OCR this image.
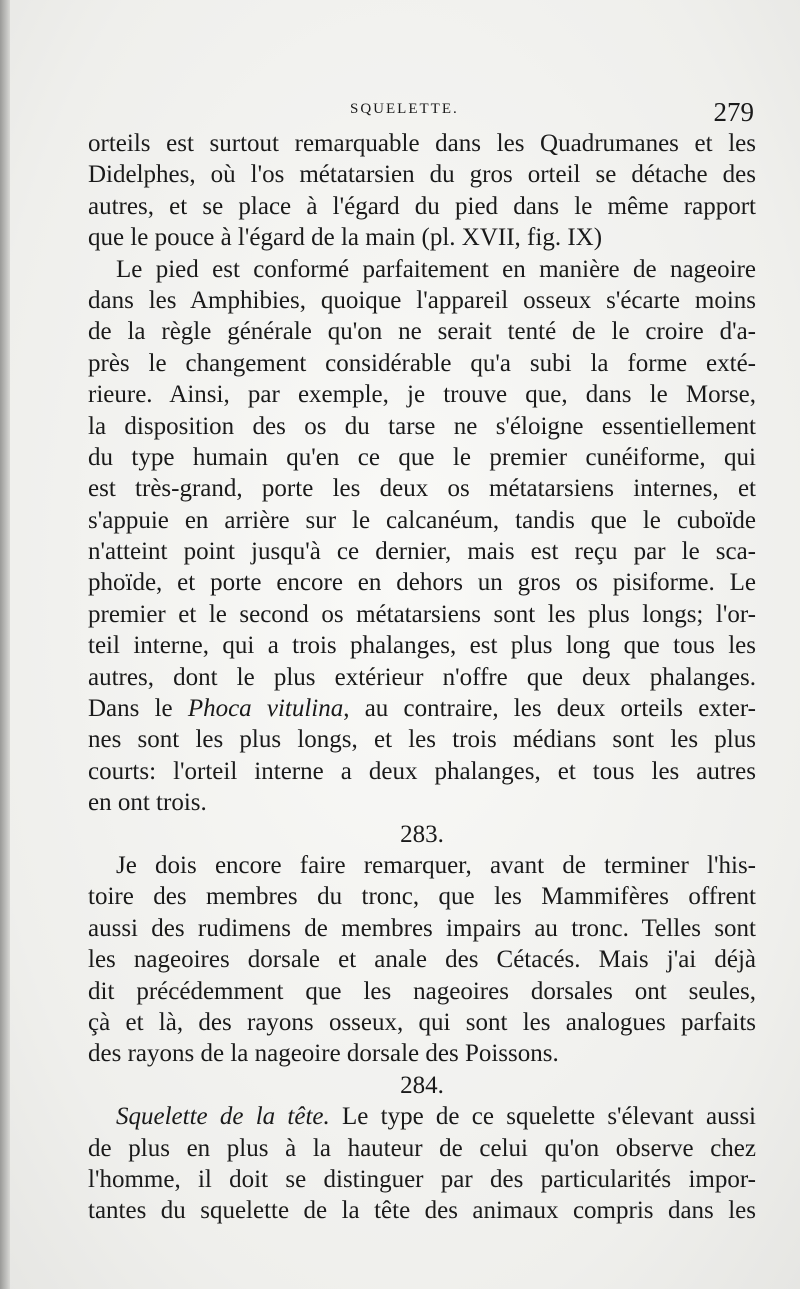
SQUELETTE.	279
orteils est surtout remarquable dans les Quadrumanes et les
Didelphes, où l'os métatarsien du gros orteil se détache des
autres, et se place à l'égard du pied dans le même rapport
que le pouce à l'égard de la main (pl. XVII, fig. IX)
Le pied est conformé parfaitement en manière de nageoire
dans les Amphibies, quoique l'appareil osseux s'écarte moins
de la règle générale qu'on ne serait tenté de le croire d'a-
près le changement considérable qu'a subi la forme exté-
rieure. Ainsi, par exemple, je trouve que, dans le Morse,
la disposition des os du tarse ne s'éloigne essentiellement
du type humain qu'en ce que le premier cunéiforme, qui
est très-grand, porte les deux os métatarsiens internes, et
s'appuie en arrière sur le calcanéum, tandis que le cuboïde
n'atteint point jusqu'à ce dernier, mais est reçu par le sca-
phoïde, et porte encore en dehors un gros os pisiforme. Le
premier et le second os métatarsiens sont les plus longs; l'or-
teil interne, qui a trois phalanges, est plus long que tous les
autres, dont le plus extérieur n'offre que deux phalanges.
Dans le Phoca vitulina, au contraire, les deux orteils exter-
nes sont les plus longs, et les trois médians sont les plus
courts: l'orteil interne a deux phalanges, et tous les autres
en ont trois.
283.
Je dois encore faire remarquer, avant de terminer l'his-
toire des membres du tronc, que les Mammifères offrent
aussi des rudimens de membres impairs au tronc. Telles sont
les nageoires dorsale et anale des Cétacés. Mais j'ai déjà
dit précédemment que les nageoires dorsales ont seules,
çà et là, des rayons osseux, qui sont les analogues parfaits
des rayons de la nageoire dorsale des Poissons.
284.
Squelette de la tête. Le type de ce squelette s'élevant aussi
de plus en plus à la hauteur de celui qu'on observe chez
l'homme, il doit se distinguer par des particularités impor-
tantes du squelette de la tête des animaux compris dans les
